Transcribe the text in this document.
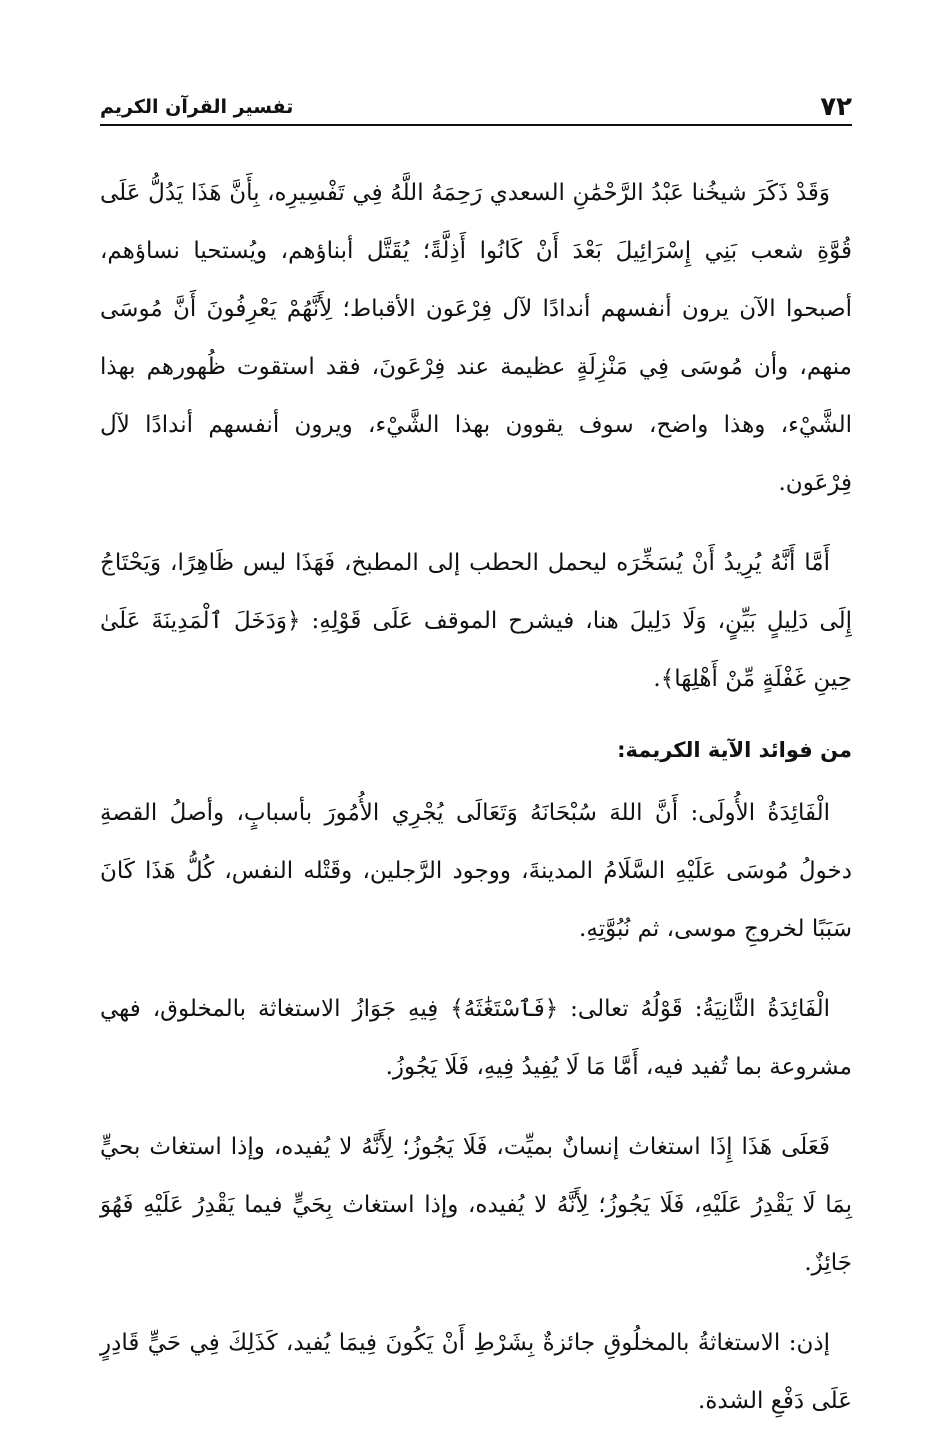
٧٢
تفسير القرآن الكريم

وَقَدْ ذَكَرَ شيخُنا عَبْدُ الرَّحْمَٰنِ السعدي رَحِمَهُ اللَّهُ فِي تَفْسِيرِه، بِأَنَّ هَذَا يَدُلُّ عَلَى قُوَّةِ شعب بَنِي إِسْرَائِيلَ بَعْدَ أَنْ كَانُوا أَذِلَّةً؛ يُقَتَّل أبناؤهم، ويُستحيا نساؤهم، أصبحوا الآن يرون أنفسهم أندادًا لآل فِرْعَون الأقباط؛ لِأَنَّهُمْ يَعْرِفُونَ أَنَّ مُوسَى منهم، وأن مُوسَى فِي مَنْزِلَةٍ عظيمة عند فِرْعَونَ، فقد استقوت ظُهورهم بهذا الشَّيْء، وهذا واضح، سوف يقوون بهذا الشَّيْء، ويرون أنفسهم أندادًا لآل فِرْعَون.

أَمَّا أَنَّهُ يُرِيدُ أَنْ يُسَخِّرَه ليحمل الحطب إلى المطبخ، فَهَذَا ليس ظَاهِرًا، وَيَحْتَاجُ إِلَى دَلِيلٍ بَيِّنٍ، وَلَا دَلِيلَ هنا، فيشرح الموقف عَلَى قَوْلِهِ: ﴿وَدَخَلَ ٱلْمَدِينَةَ عَلَىٰ حِينِ غَفْلَةٍ مِّنْ أَهْلِهَا﴾.

من فوائد الآية الكريمة:

الْفَائِدَةُ الأُولَى: أَنَّ اللهَ سُبْحَانَهُ وَتَعَالَى يُجْرِي الأُمُورَ بأسبابٍ، وأصلُ القصةِ دخولُ مُوسَى عَلَيْهِ السَّلَامُ المدينةَ، ووجود الرَّجلين، وقَتْله النفس، كُلُّ هَذَا كَانَ سَبَبًا لخروجِ موسى، ثم نُبُوَّتِهِ.

الْفَائِدَةُ الثَّانِيَةُ: قَوْلُهُ تعالى: ﴿فَٱسْتَغَٰثَهُ﴾ فِيهِ جَوَازُ الاستغاثة بالمخلوق، فهي مشروعة بما تُفيد فيه، أَمَّا مَا لَا يُفِيدُ فِيهِ، فَلَا يَجُوزُ.

فَعَلَى هَذَا إِذَا استغاث إنسانٌ بميِّت، فَلَا يَجُوزُ؛ لِأَنَّهُ لا يُفيده، وإذا استغاث بحيٍّ بِمَا لَا يَقْدِرُ عَلَيْهِ، فَلَا يَجُوزُ؛ لِأَنَّهُ لا يُفيده، وإذا استغاث بِحَيٍّ فيما يَقْدِرُ عَلَيْهِ فَهُوَ جَائِزٌ.

إذن: الاستغاثةُ بالمخلُوقِ جائزةٌ بِشَرْطِ أَنْ يَكُونَ فِيمَا يُفيد، كَذَلِكَ فِي حَيٍّ قَادِرٍ عَلَى دَفْعِ الشدة.
